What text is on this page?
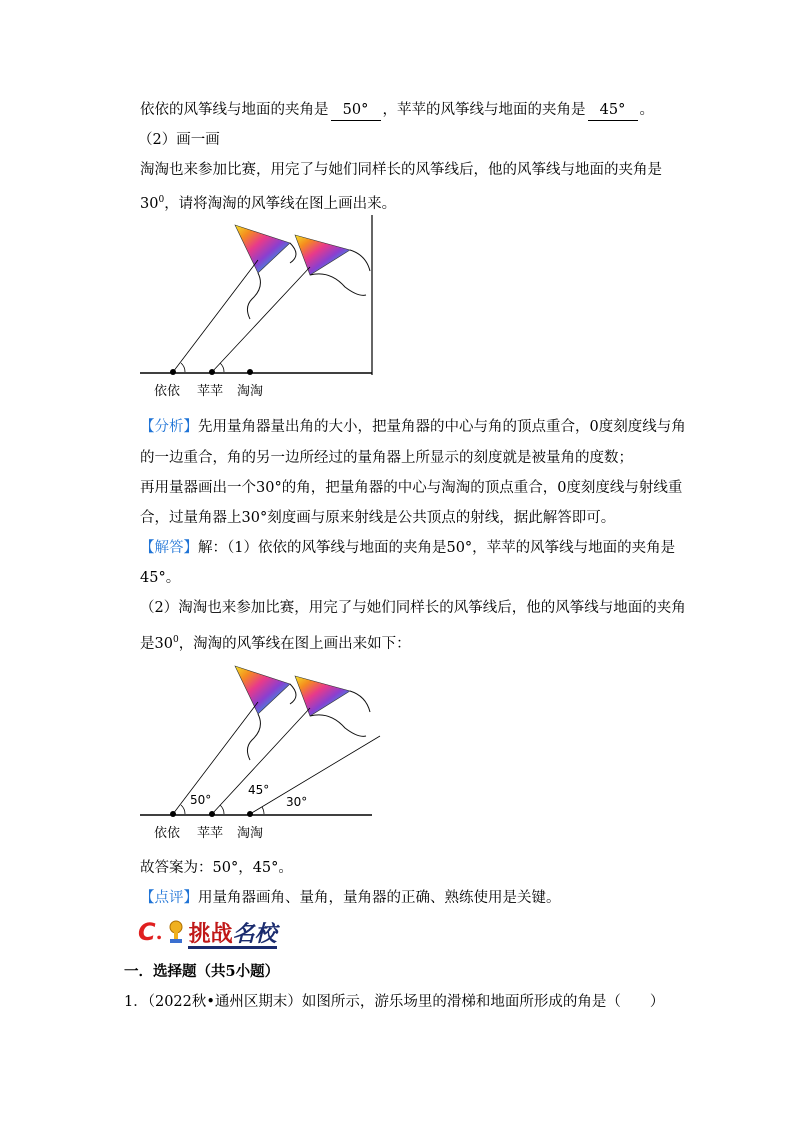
依依的风筝线与地面的夹角是 50° ，苹苹的风筝线与地面的夹角是 45° 。
（2）画一画
淘淘也来参加比赛，用完了与她们同样长的风筝线后，他的风筝线与地面的夹角是
$30^0$，请将淘淘的风筝线在图上画出来。
依依 苹苹 淘淘
【分析】先用量角器量出角的大小，把量角器的中心与角的顶点重合，0度刻度线与角
的一边重合，角的另一边所经过的量角器上所显示的刻度就是被量角的度数；
再用量器画出一个30°的角，把量角器的中心与淘淘的顶点重合，0度刻度线与射线重
合，过量角器上30°刻度画与原来射线是公共顶点的射线，据此解答即可。
【解答】解：（1）依依的风筝线与地面的夹角是50°，苹苹的风筝线与地面的夹角是
45°。
（2）淘淘也来参加比赛，用完了与她们同样长的风筝线后，他的风筝线与地面的夹角
是$30^0$，淘淘的风筝线在图上画出来如下：
50°
45°
30°
依依 苹苹 淘淘
故答案为：50°，45°。
【点评】用量角器画角、量角，量角器的正确、熟练使用是关键。
C . 挑战 名校
一．选择题（共5小题）
1．（2022秋•通州区期末）如图所示，游乐场里的滑梯和地面所形成的角是（　　）
